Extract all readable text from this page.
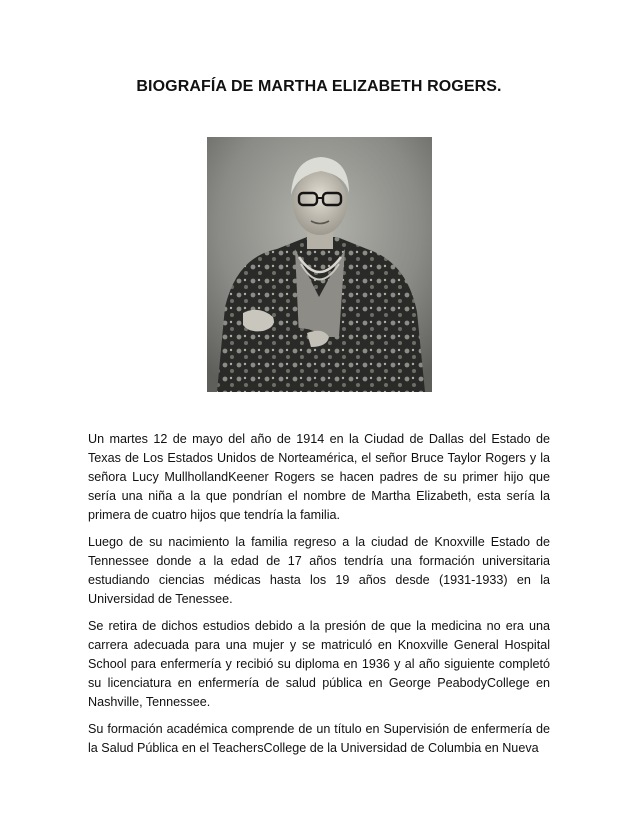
BIOGRAFÍA DE MARTHA ELIZABETH ROGERS.

Un martes 12 de mayo del año de 1914 en la Ciudad de Dallas del Estado de Texas de Los Estados Unidos de Norteamérica, el señor Bruce Taylor Rogers y la señora Lucy MullhollandKeener Rogers se hacen padres de su primer hijo que sería una niña a la que pondrían el nombre de Martha Elizabeth, esta sería la primera de cuatro hijos que tendría la familia.

Luego de su nacimiento la familia regreso a la ciudad de Knoxville Estado de Tennessee donde a la edad de 17 años tendría una formación universitaria estudiando ciencias médicas hasta los 19 años desde (1931-1933) en la Universidad de Tenessee.

Se retira de dichos estudios debido a la presión de que la medicina no era una carrera adecuada para una mujer y se matriculó en Knoxville General Hospital School para enfermería y recibió su diploma en 1936 y al año siguiente completó su licenciatura en enfermería de salud pública en George PeabodyCollege en Nashville, Tennessee.

Su formación académica comprende de un título en Supervisión de enfermería de la Salud Pública en el TeachersCollege de la Universidad de Columbia en Nueva
